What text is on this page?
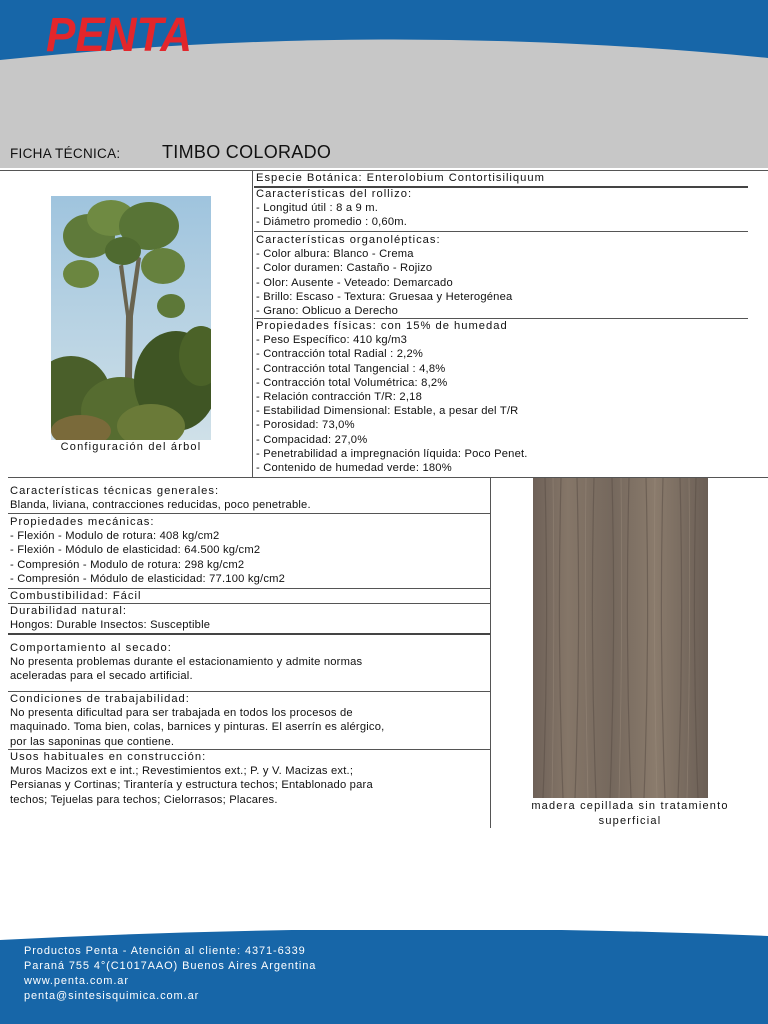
PENTA
FICHA TÉCNICA: TIMBO COLORADO
Configuración del árbol
Especie Botánica: Enterolobium Contortisiliquum
Características del rollizo:
- Longitud útil : 8 a 9 m.
- Diámetro promedio : 0,60m.
Características organolépticas:
- Color albura: Blanco - Crema
- Color duramen: Castaño - Rojizo
- Olor: Ausente - Veteado: Demarcado
- Brillo: Escaso - Textura: Gruesaa y Heterogénea
- Grano: Oblicuo a Derecho
Propiedades físicas: con 15% de humedad
- Peso Específico: 410 kg/m3
- Contracción total Radial : 2,2%
- Contracción total Tangencial : 4,8%
- Contracción total Volumétrica: 8,2%
- Relación contracción T/R: 2,18
- Estabilidad Dimensional: Estable, a pesar del T/R
- Porosidad: 73,0%
- Compacidad: 27,0%
- Penetrabilidad a impregnación líquida: Poco Penet.
- Contenido de humedad verde: 180%
Características técnicas generales:
Blanda, liviana, contracciones reducidas, poco penetrable.
Propiedades mecánicas:
- Flexión - Modulo de rotura: 408 kg/cm2
- Flexión - Módulo de elasticidad: 64.500 kg/cm2
- Compresión - Modulo de rotura: 298 kg/cm2
- Compresión - Módulo de elasticidad: 77.100 kg/cm2
Combustibilidad: Fácil
Durabilidad natural:
Hongos: Durable Insectos: Susceptible
Comportamiento al secado:
No presenta problemas durante el estacionamiento y admite normas
aceleradas para el secado artificial.
Condiciones de trabajabilidad:
No presenta dificultad para ser trabajada en todos los procesos de
maquinado. Toma bien, colas, barnices y pinturas. El aserrín es alérgico,
por las saponinas que contiene.
Usos habituales en construcción:
Muros Macizos ext e int.; Revestimientos ext.; P. y V. Macizas ext.;
Persianas y Cortinas; Tirantería y estructura techos; Entablonado para
techos; Tejuelas para techos; Cielorrasos; Placares.
madera cepillada sin tratamiento
superficial
Productos Penta - Atención al cliente: 4371-6339
Paraná 755 4°(C1017AAO) Buenos Aires Argentina
www.penta.com.ar
penta@sintesisquimica.com.ar
